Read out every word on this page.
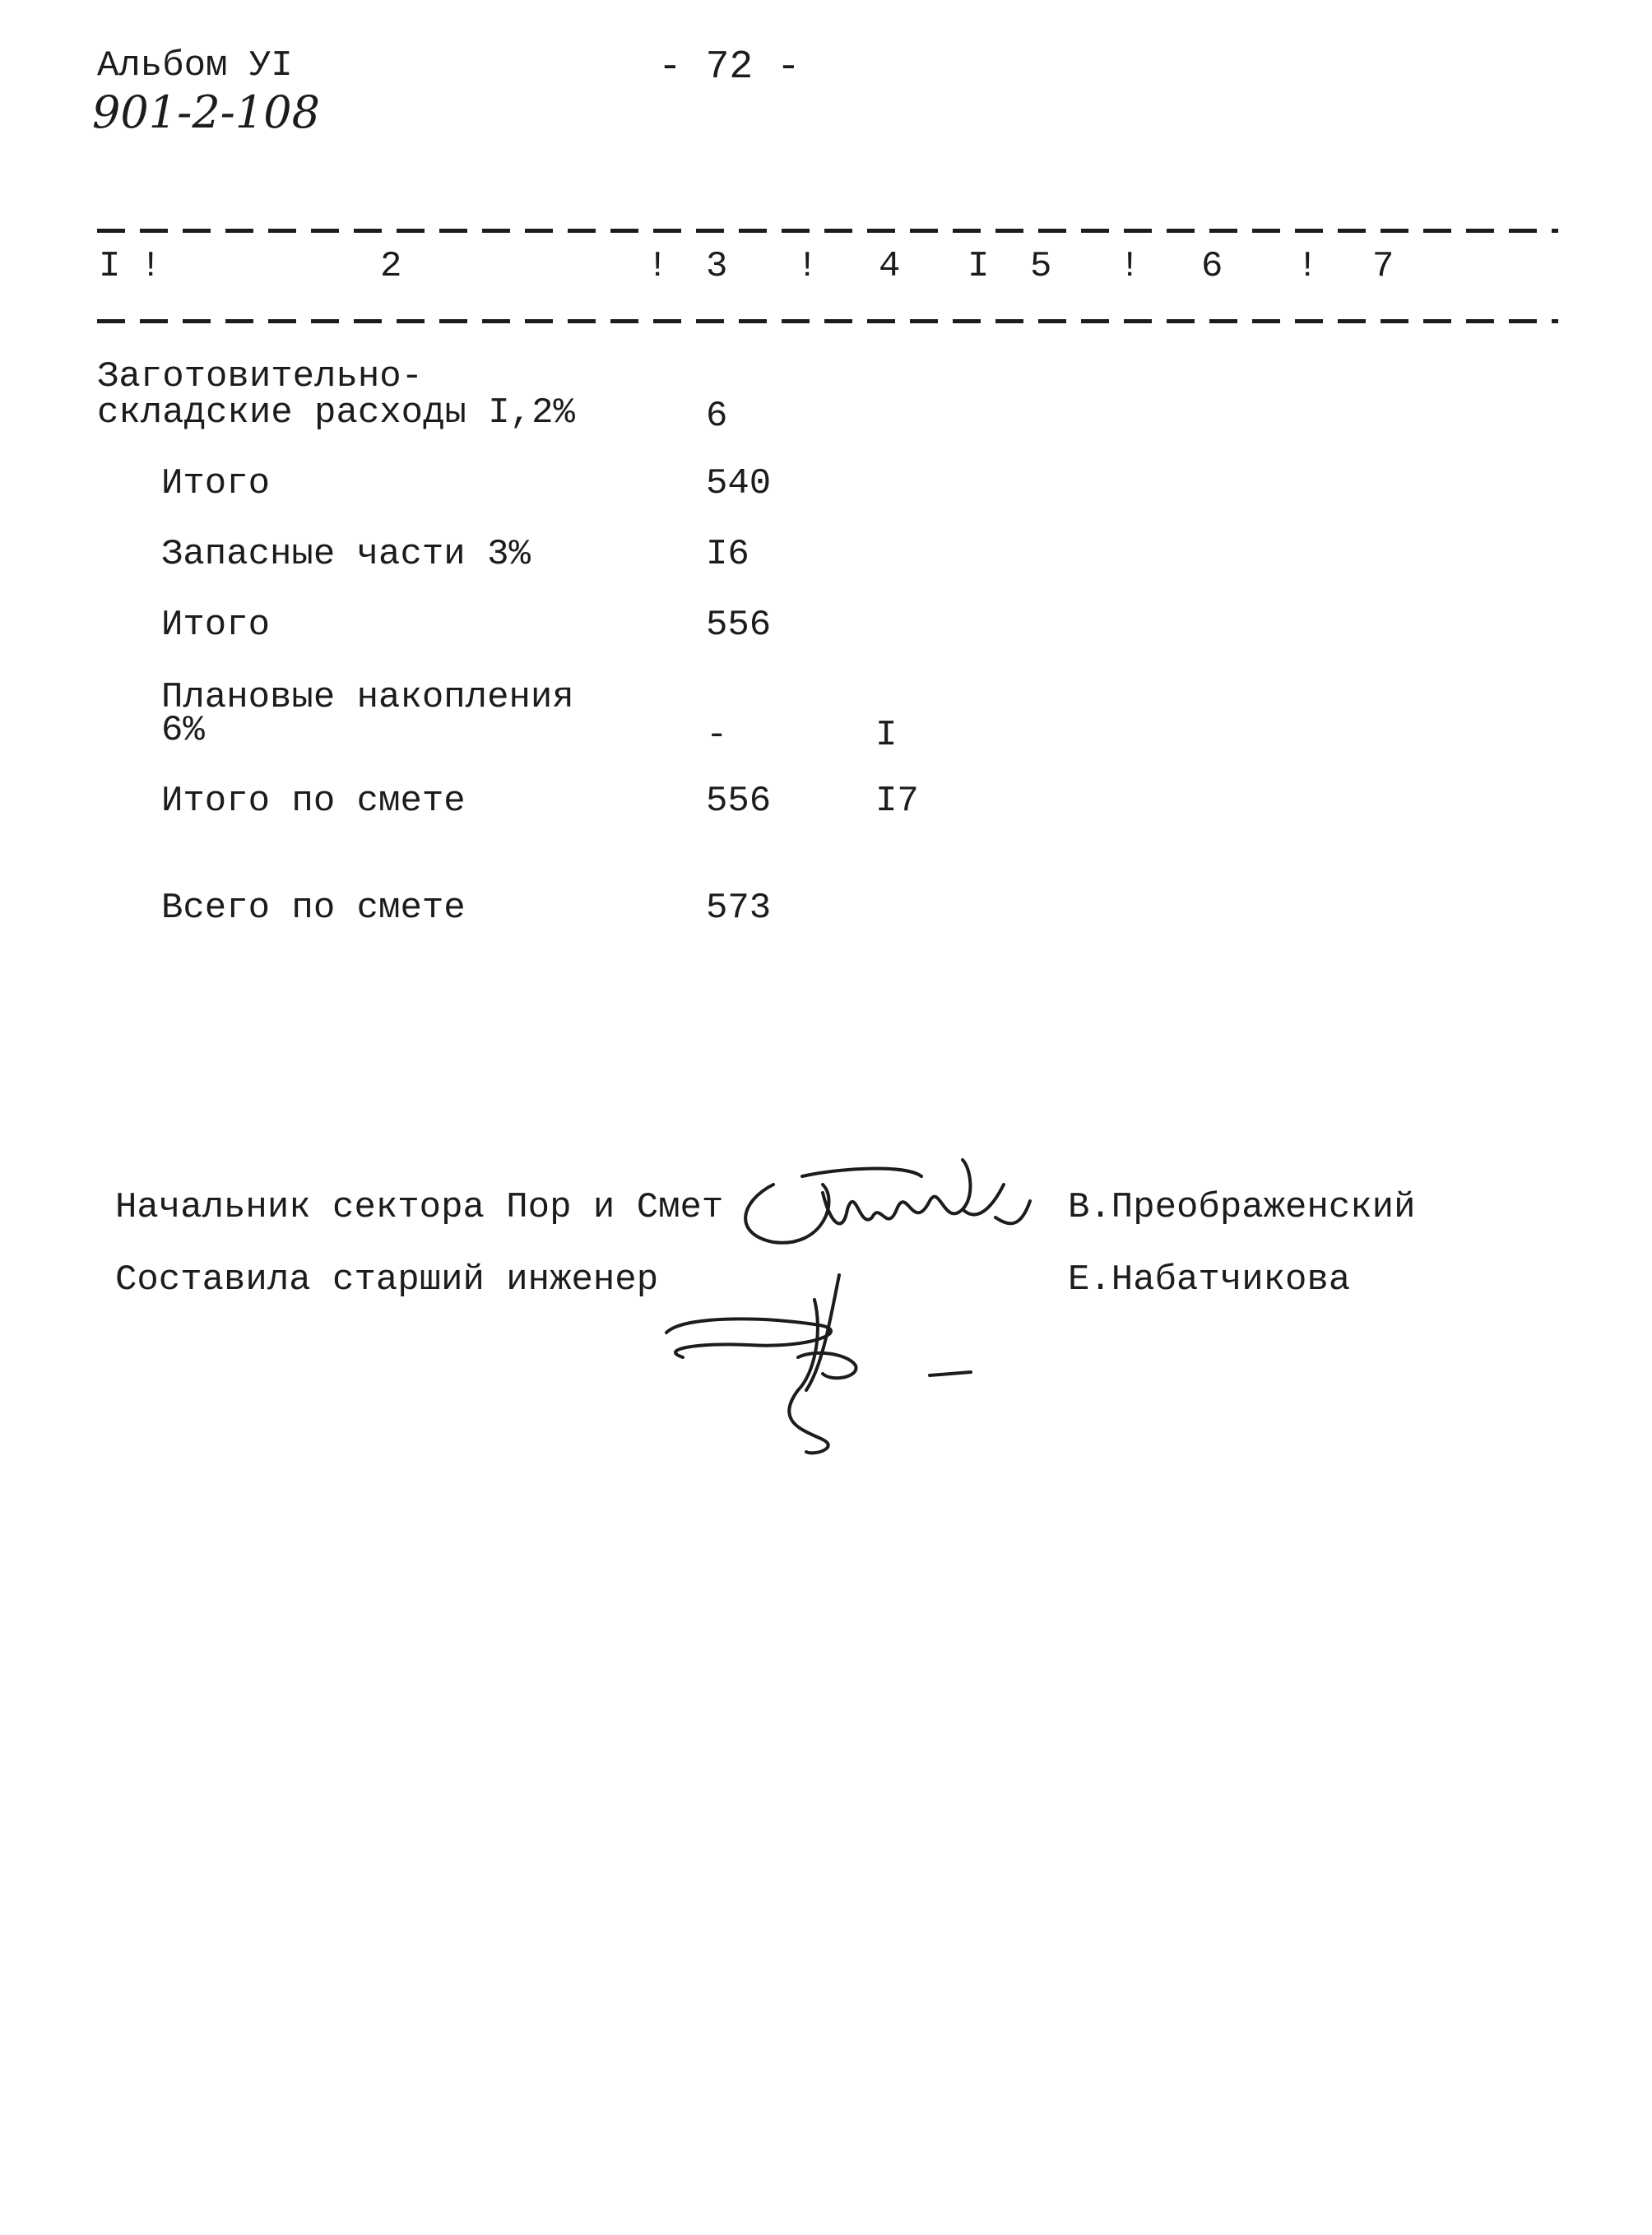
Альбом УI
901-2-108
- 72 -
I !	2	! 3 ! 4 I 5 ! 6 ! 7
Заготовительно-
складские расходы I,2%	6
Итого	540
Запасные части 3%	I6
Итого	556
Плановые накопления
6%	-	I
Итого по смете	556	I7
Всего по смете	573
Начальник сектора Пор и Смет	В.Преображенский
Составила старший инженер	Е.Набатчикова
